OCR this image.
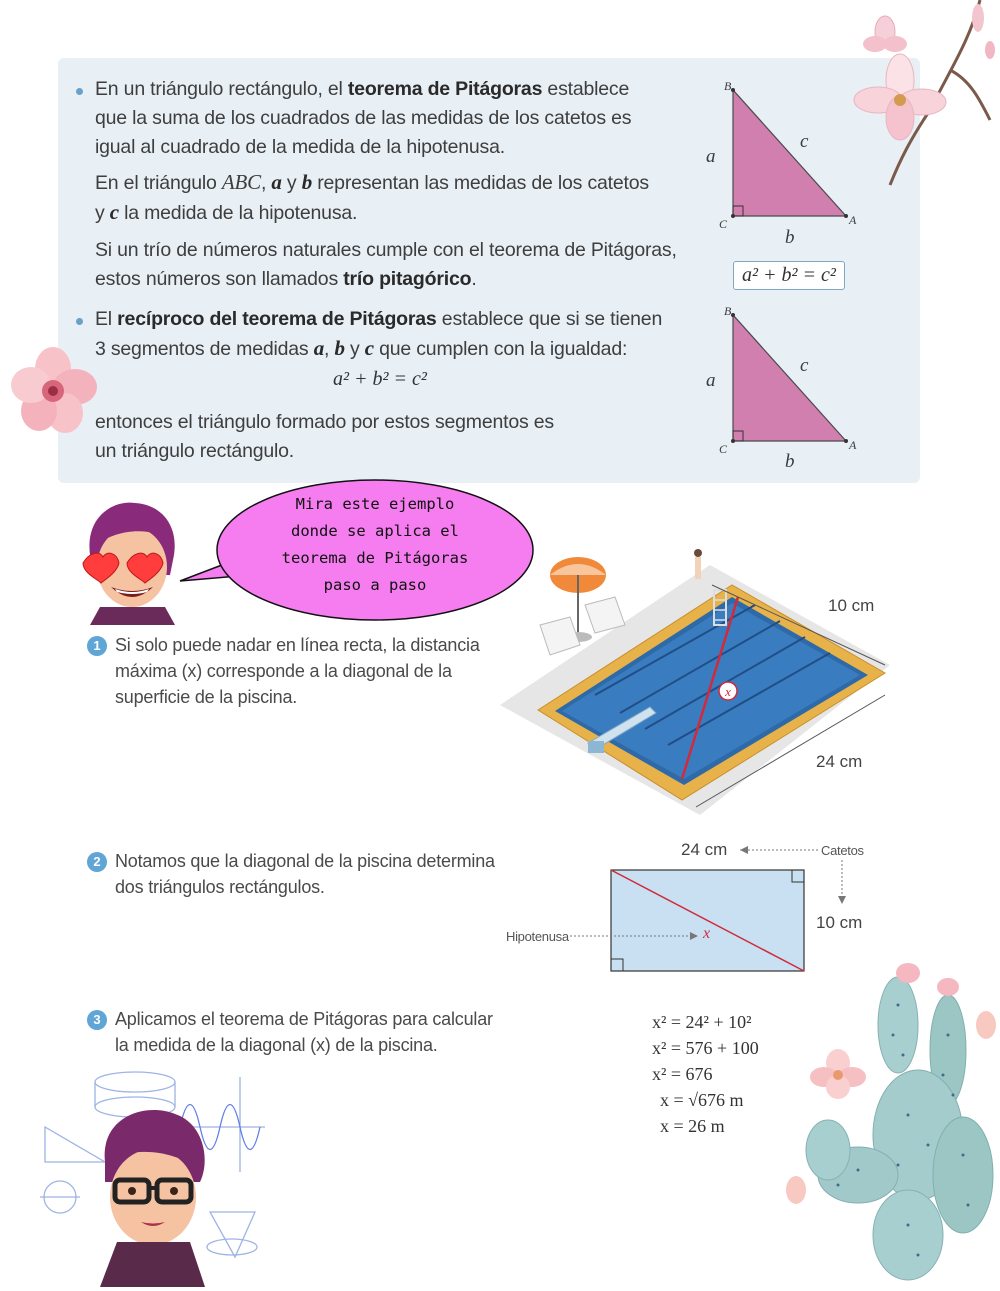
En un triángulo rectángulo, el teorema de Pitágoras establece
que la suma de los cuadrados de las medidas de los catetos es
igual al cuadrado de la medida de la hipotenusa.
En el triángulo ABC, a y b representan las medidas de los catetos
y c la medida de la hipotenusa.
Si un trío de números naturales cumple con el teorema de Pitágoras,
estos números son llamados trío pitagórico.
El recíproco del teorema de Pitágoras establece que si se tienen
3 segmentos de medidas a, b y c que cumplen con la igualdad:
a² + b² = c²
entonces el triángulo formado por estos segmentos es
un triángulo rectángulo.
B
C	A
a
c
b
a² + b² = c²
B
C	A
a
c
b
Mira este ejemplo
donde se aplica el
teorema de Pitágoras
paso a paso
1 Si solo puede nadar en línea recta, la distancia
máxima (x) corresponde a la diagonal de la
superficie de la piscina.	x
10 cm
24 cm
2 Notamos que la diagonal de la piscina determina
dos triángulos rectángulos.
24 cm	Catetos
10 cm
Hipotenusa	x
3 Aplicamos el teorema de Pitágoras para calcular
la medida de la diagonal (x) de la piscina.
x² = 24² + 10²
x² = 576 + 100
x² = 676
x = √676 m
x = 26 m
